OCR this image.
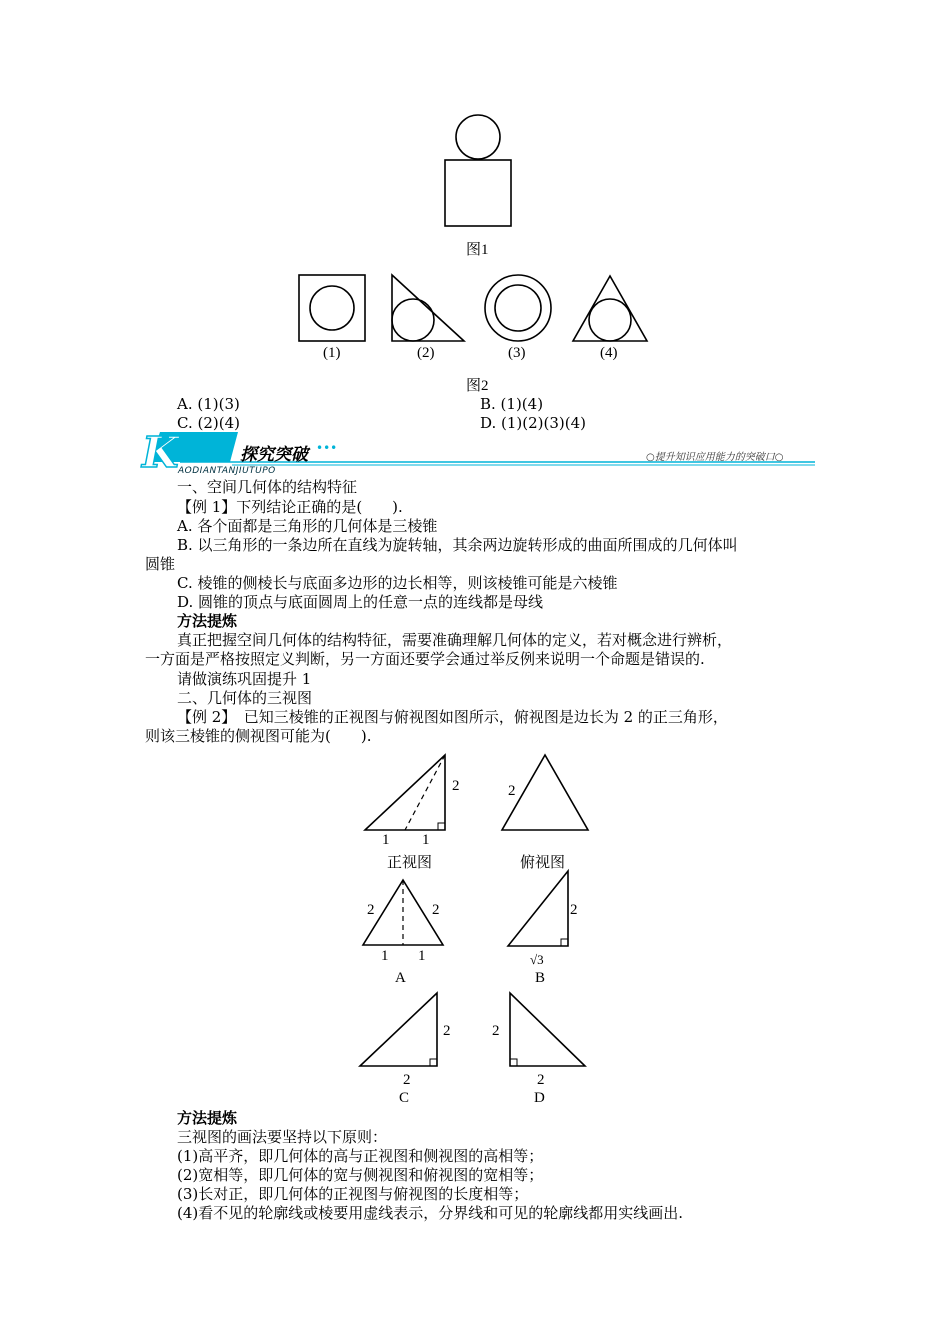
图1
(1)	(2)	(3)	(4)
图2
A. (1)(3)	B. (1)(4)
C. (2)(4)	D. (1)(2)(3)(4)
K	探究突破 •••
AODIANTANJIUTUPO
○提升知识应用能力的突破口○
一、空间几何体的结构特征
【例 1】下列结论正确的是(　　).
A. 各个面都是三角形的几何体是三棱锥
B. 以三角形的一条边所在直线为旋转轴，其余两边旋转形成的曲面所围成的几何体叫
圆锥
C. 棱锥的侧棱长与底面多边形的边长相等，则该棱锥可能是六棱锥
D. 圆锥的顶点与底面圆周上的任意一点的连线都是母线
方法提炼
真正把握空间几何体的结构特征，需要准确理解几何体的定义，若对概念进行辨析，
一方面是严格按照定义判断，另一方面还要学会通过举反例来说明一个命题是错误的.
请做演练巩固提升 1
二、几何体的三视图
【例 2】　已知三棱锥的正视图与俯视图如图所示，俯视图是边长为 2 的正三角形，
则该三棱锥的侧视图可能为(　　).
2
1 1
正视图
2
俯视图
2	2
1 1
A
2
√3
B
2
2
C
2
2
D
方法提炼
三视图的画法要坚持以下原则：
(1)高平齐，即几何体的高与正视图和侧视图的高相等；
(2)宽相等，即几何体的宽与侧视图和俯视图的宽相等；
(3)长对正，即几何体的正视图与俯视图的长度相等；
(4)看不见的轮廓线或棱要用虚线表示，分界线和可见的轮廓线都用实线画出.
